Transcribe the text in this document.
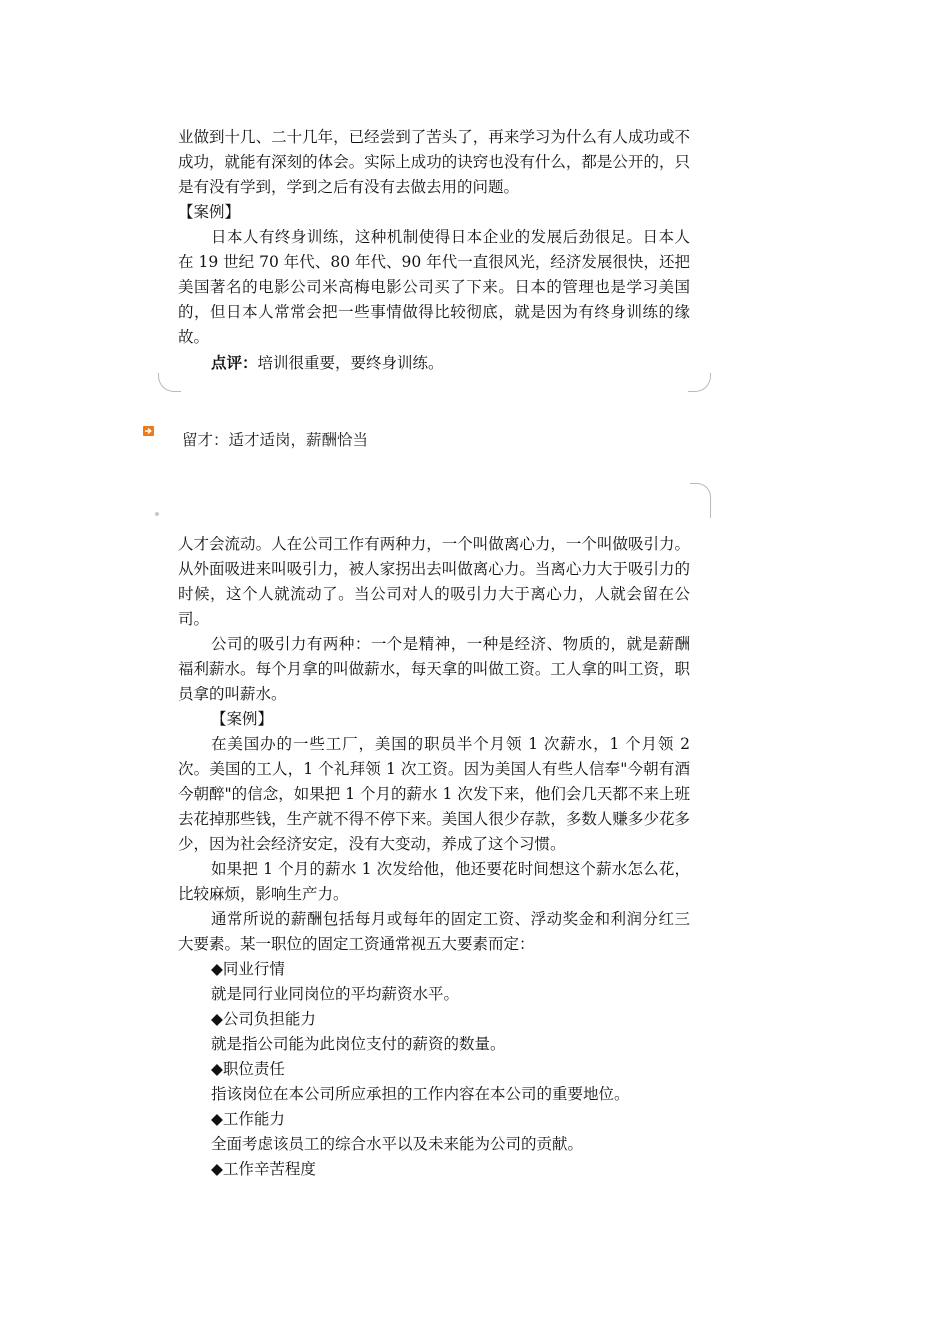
业做到十几、二十几年，已经尝到了苦头了，再来学习为什么有人成功或不成功，就能有深刻的体会。实际上成功的诀窍也没有什么，都是公开的，只是有没有学到，学到之后有没有去做去用的问题。

【案例】

日本人有终身训练，这种机制使得日本企业的发展后劲很足。日本人在 19 世纪 70 年代、80 年代、90 年代一直很风光，经济发展很快，还把美国著名的电影公司米高梅电影公司买了下来。日本的管理也是学习美国的，但日本人常常会把一些事情做得比较彻底，就是因为有终身训练的缘故。

点评：培训很重要，要终身训练。

留才：适才适岗，薪酬恰当

人才会流动。人在公司工作有两种力，一个叫做离心力，一个叫做吸引力。从外面吸进来叫吸引力，被人家拐出去叫做离心力。当离心力大于吸引力的时候，这个人就流动了。当公司对人的吸引力大于离心力，人就会留在公司。

公司的吸引力有两种：一个是精神，一种是经济、物质的，就是薪酬福利薪水。每个月拿的叫做薪水，每天拿的叫做工资。工人拿的叫工资，职员拿的叫薪水。

【案例】

在美国办的一些工厂，美国的职员半个月领 1 次薪水，1 个月领 2 次。美国的工人，1 个礼拜领 1 次工资。因为美国人有些人信奉"今朝有酒今朝醉"的信念，如果把 1 个月的薪水 1 次发下来，他们会几天都不来上班去花掉那些钱，生产就不得不停下来。美国人很少存款，多数人赚多少花多少，因为社会经济安定，没有大变动，养成了这个习惯。

如果把 1 个月的薪水 1 次发给他，他还要花时间想这个薪水怎么花，比较麻烦，影响生产力。

通常所说的薪酬包括每月或每年的固定工资、浮动奖金和利润分红三大要素。某一职位的固定工资通常视五大要素而定：

◆同业行情

就是同行业同岗位的平均薪资水平。

◆公司负担能力

就是指公司能为此岗位支付的薪资的数量。

◆职位责任

指该岗位在本公司所应承担的工作内容在本公司的重要地位。

◆工作能力

全面考虑该员工的综合水平以及未来能为公司的贡献。

◆工作辛苦程度
